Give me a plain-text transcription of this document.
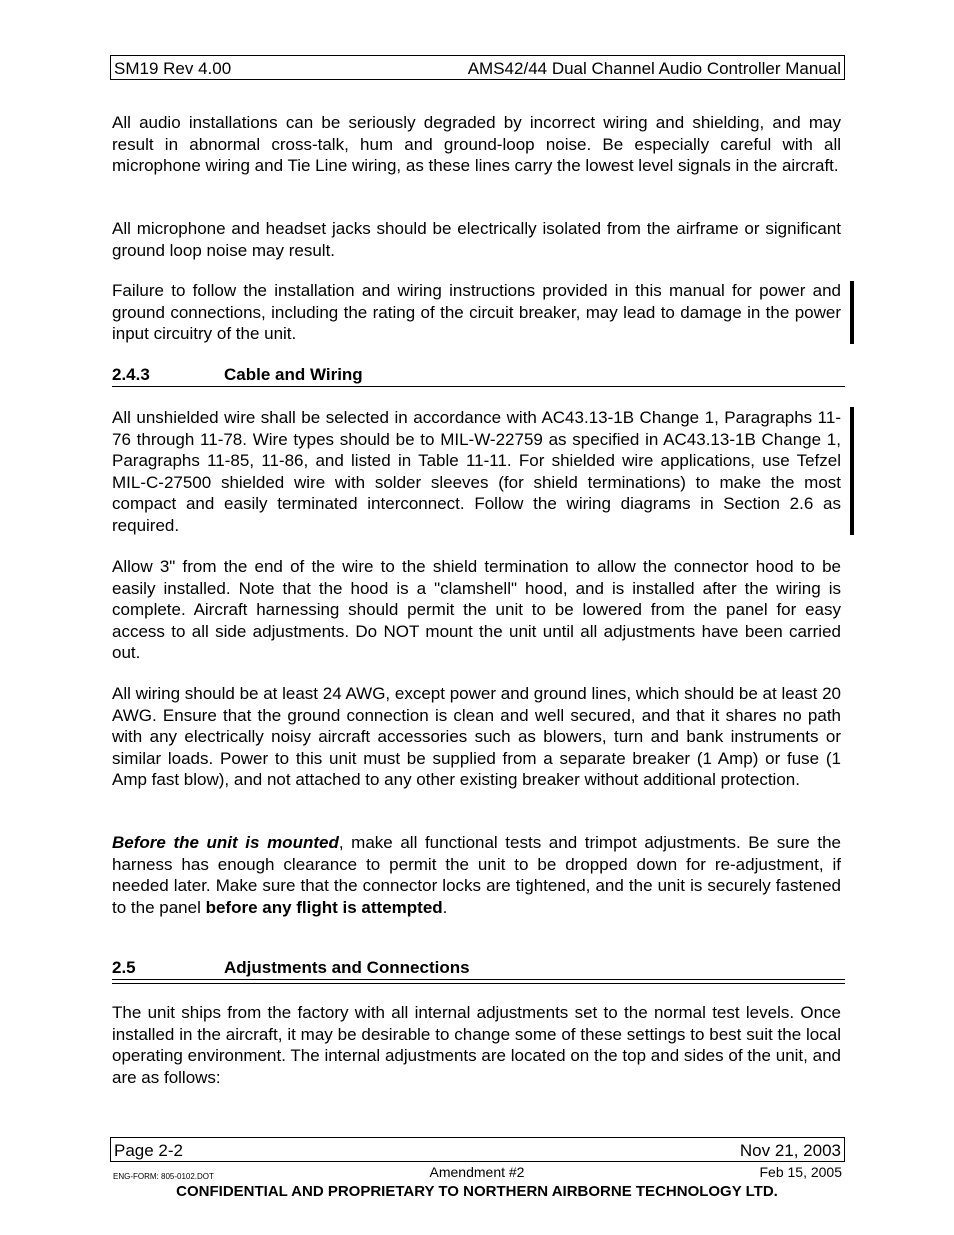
SM19 Rev 4.00	AMS42/44 Dual Channel Audio Controller Manual

All audio installations can be seriously degraded by incorrect wiring and shielding, and may result in abnormal cross-talk, hum and ground-loop noise. Be especially careful with all microphone wiring and Tie Line wiring, as these lines carry the lowest level signals in the aircraft.

All microphone and headset jacks should be electrically isolated from the airframe or significant ground loop noise may result.

Failure to follow the installation and wiring instructions provided in this manual for power and ground connections, including the rating of the circuit breaker, may lead to damage in the power input circuitry of the unit.

2.4.3	Cable and Wiring

All unshielded wire shall be selected in accordance with AC43.13-1B Change 1, Paragraphs 11-76 through 11-78. Wire types should be to MIL-W-22759 as specified in AC43.13-1B Change 1, Paragraphs 11-85, 11-86, and listed in Table 11-11. For shielded wire applications, use Tefzel MIL-C-27500 shielded wire with solder sleeves (for shield terminations) to make the most compact and easily terminated interconnect. Follow the wiring diagrams in Section 2.6 as required.

Allow 3" from the end of the wire to the shield termination to allow the connector hood to be easily installed. Note that the hood is a "clamshell" hood, and is installed after the wiring is complete. Aircraft harnessing should permit the unit to be lowered from the panel for easy access to all side adjustments. Do NOT mount the unit until all adjustments have been carried out.

All wiring should be at least 24 AWG, except power and ground lines, which should be at least 20 AWG. Ensure that the ground connection is clean and well secured, and that it shares no path with any electrically noisy aircraft accessories such as blowers, turn and bank instruments or similar loads. Power to this unit must be supplied from a separate breaker (1 Amp) or fuse (1 Amp fast blow), and not attached to any other existing breaker without additional protection.

Before the unit is mounted, make all functional tests and trimpot adjustments. Be sure the harness has enough clearance to permit the unit to be dropped down for re-adjustment, if needed later. Make sure that the connector locks are tightened, and the unit is securely fastened to the panel before any flight is attempted.

2.5	Adjustments and Connections

The unit ships from the factory with all internal adjustments set to the normal test levels. Once installed in the aircraft, it may be desirable to change some of these settings to best suit the local operating environment. The internal adjustments are located on the top and sides of the unit, and are as follows:

Page 2-2	Nov 21, 2003
ENG-FORM: 805-0102.DOT	Amendment #2	Feb 15, 2005
CONFIDENTIAL AND PROPRIETARY TO NORTHERN AIRBORNE TECHNOLOGY LTD.
